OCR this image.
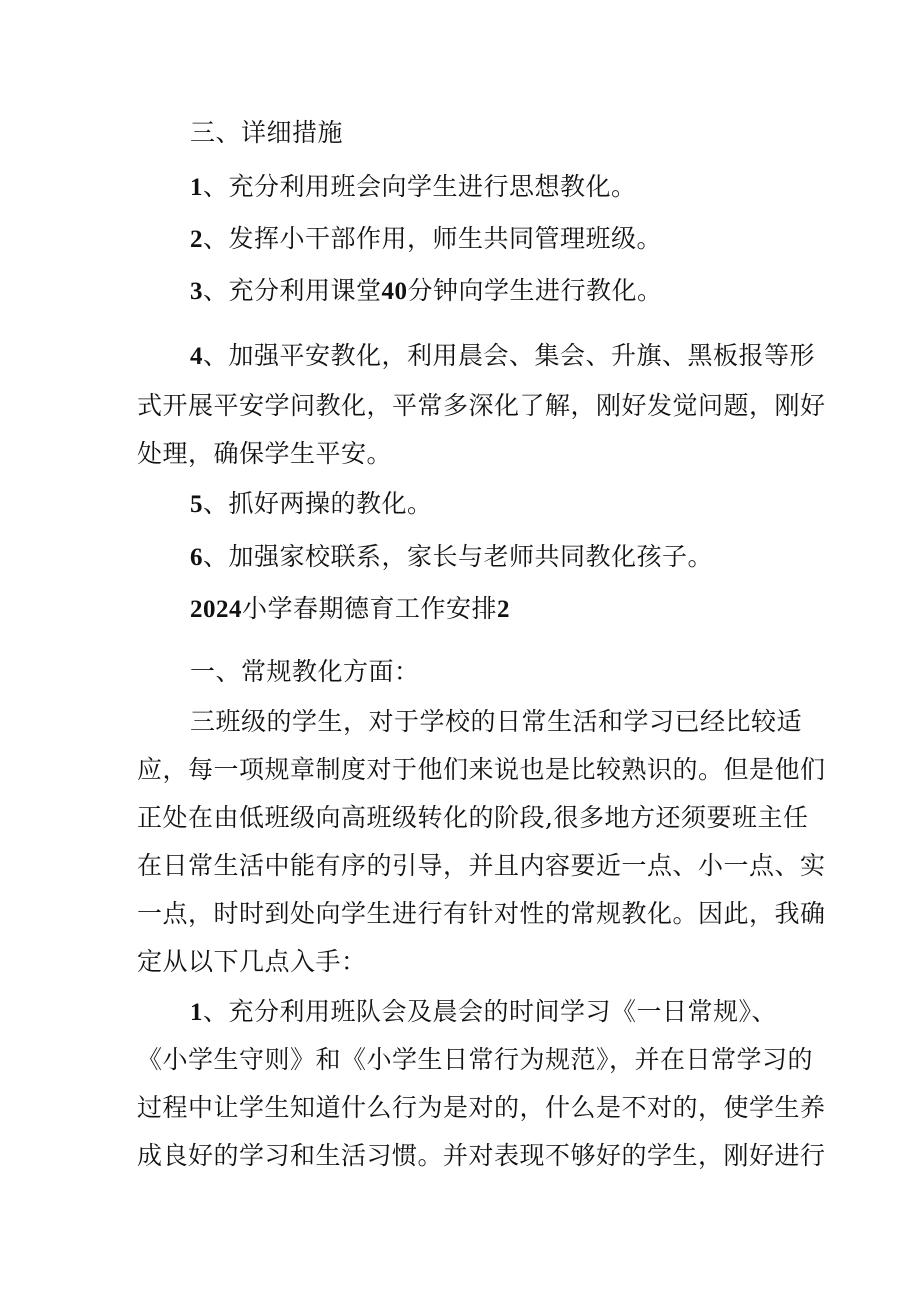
三、详细措施
1、充分利用班会向学生进行思想教化。
2、发挥小干部作用，师生共同管理班级。
3、充分利用课堂40分钟向学生进行教化。
4、加强平安教化，利用晨会、集会、升旗、黑板报等形
式开展平安学问教化，平常多深化了解，刚好发觉问题，刚好
处理，确保学生平安。
5、抓好两操的教化。
6、加强家校联系，家长与老师共同教化孩子。
2024小学春期德育工作安排2
一、常规教化方面：
三班级的学生，对于学校的日常生活和学习已经比较适
应，每一项规章制度对于他们来说也是比较熟识的。但是他们
正处在由低班级向高班级转化的阶段,很多地方还须要班主任
在日常生活中能有序的引导，并且内容要近一点、小一点、实
一点，时时到处向学生进行有针对性的常规教化。因此，我确
定从以下几点入手：
1、充分利用班队会及晨会的时间学习《一日常规》、
《小学生守则》和《小学生日常行为规范》，并在日常学习的
过程中让学生知道什么行为是对的，什么是不对的，使学生养
成良好的学习和生活习惯。并对表现不够好的学生，刚好进行
